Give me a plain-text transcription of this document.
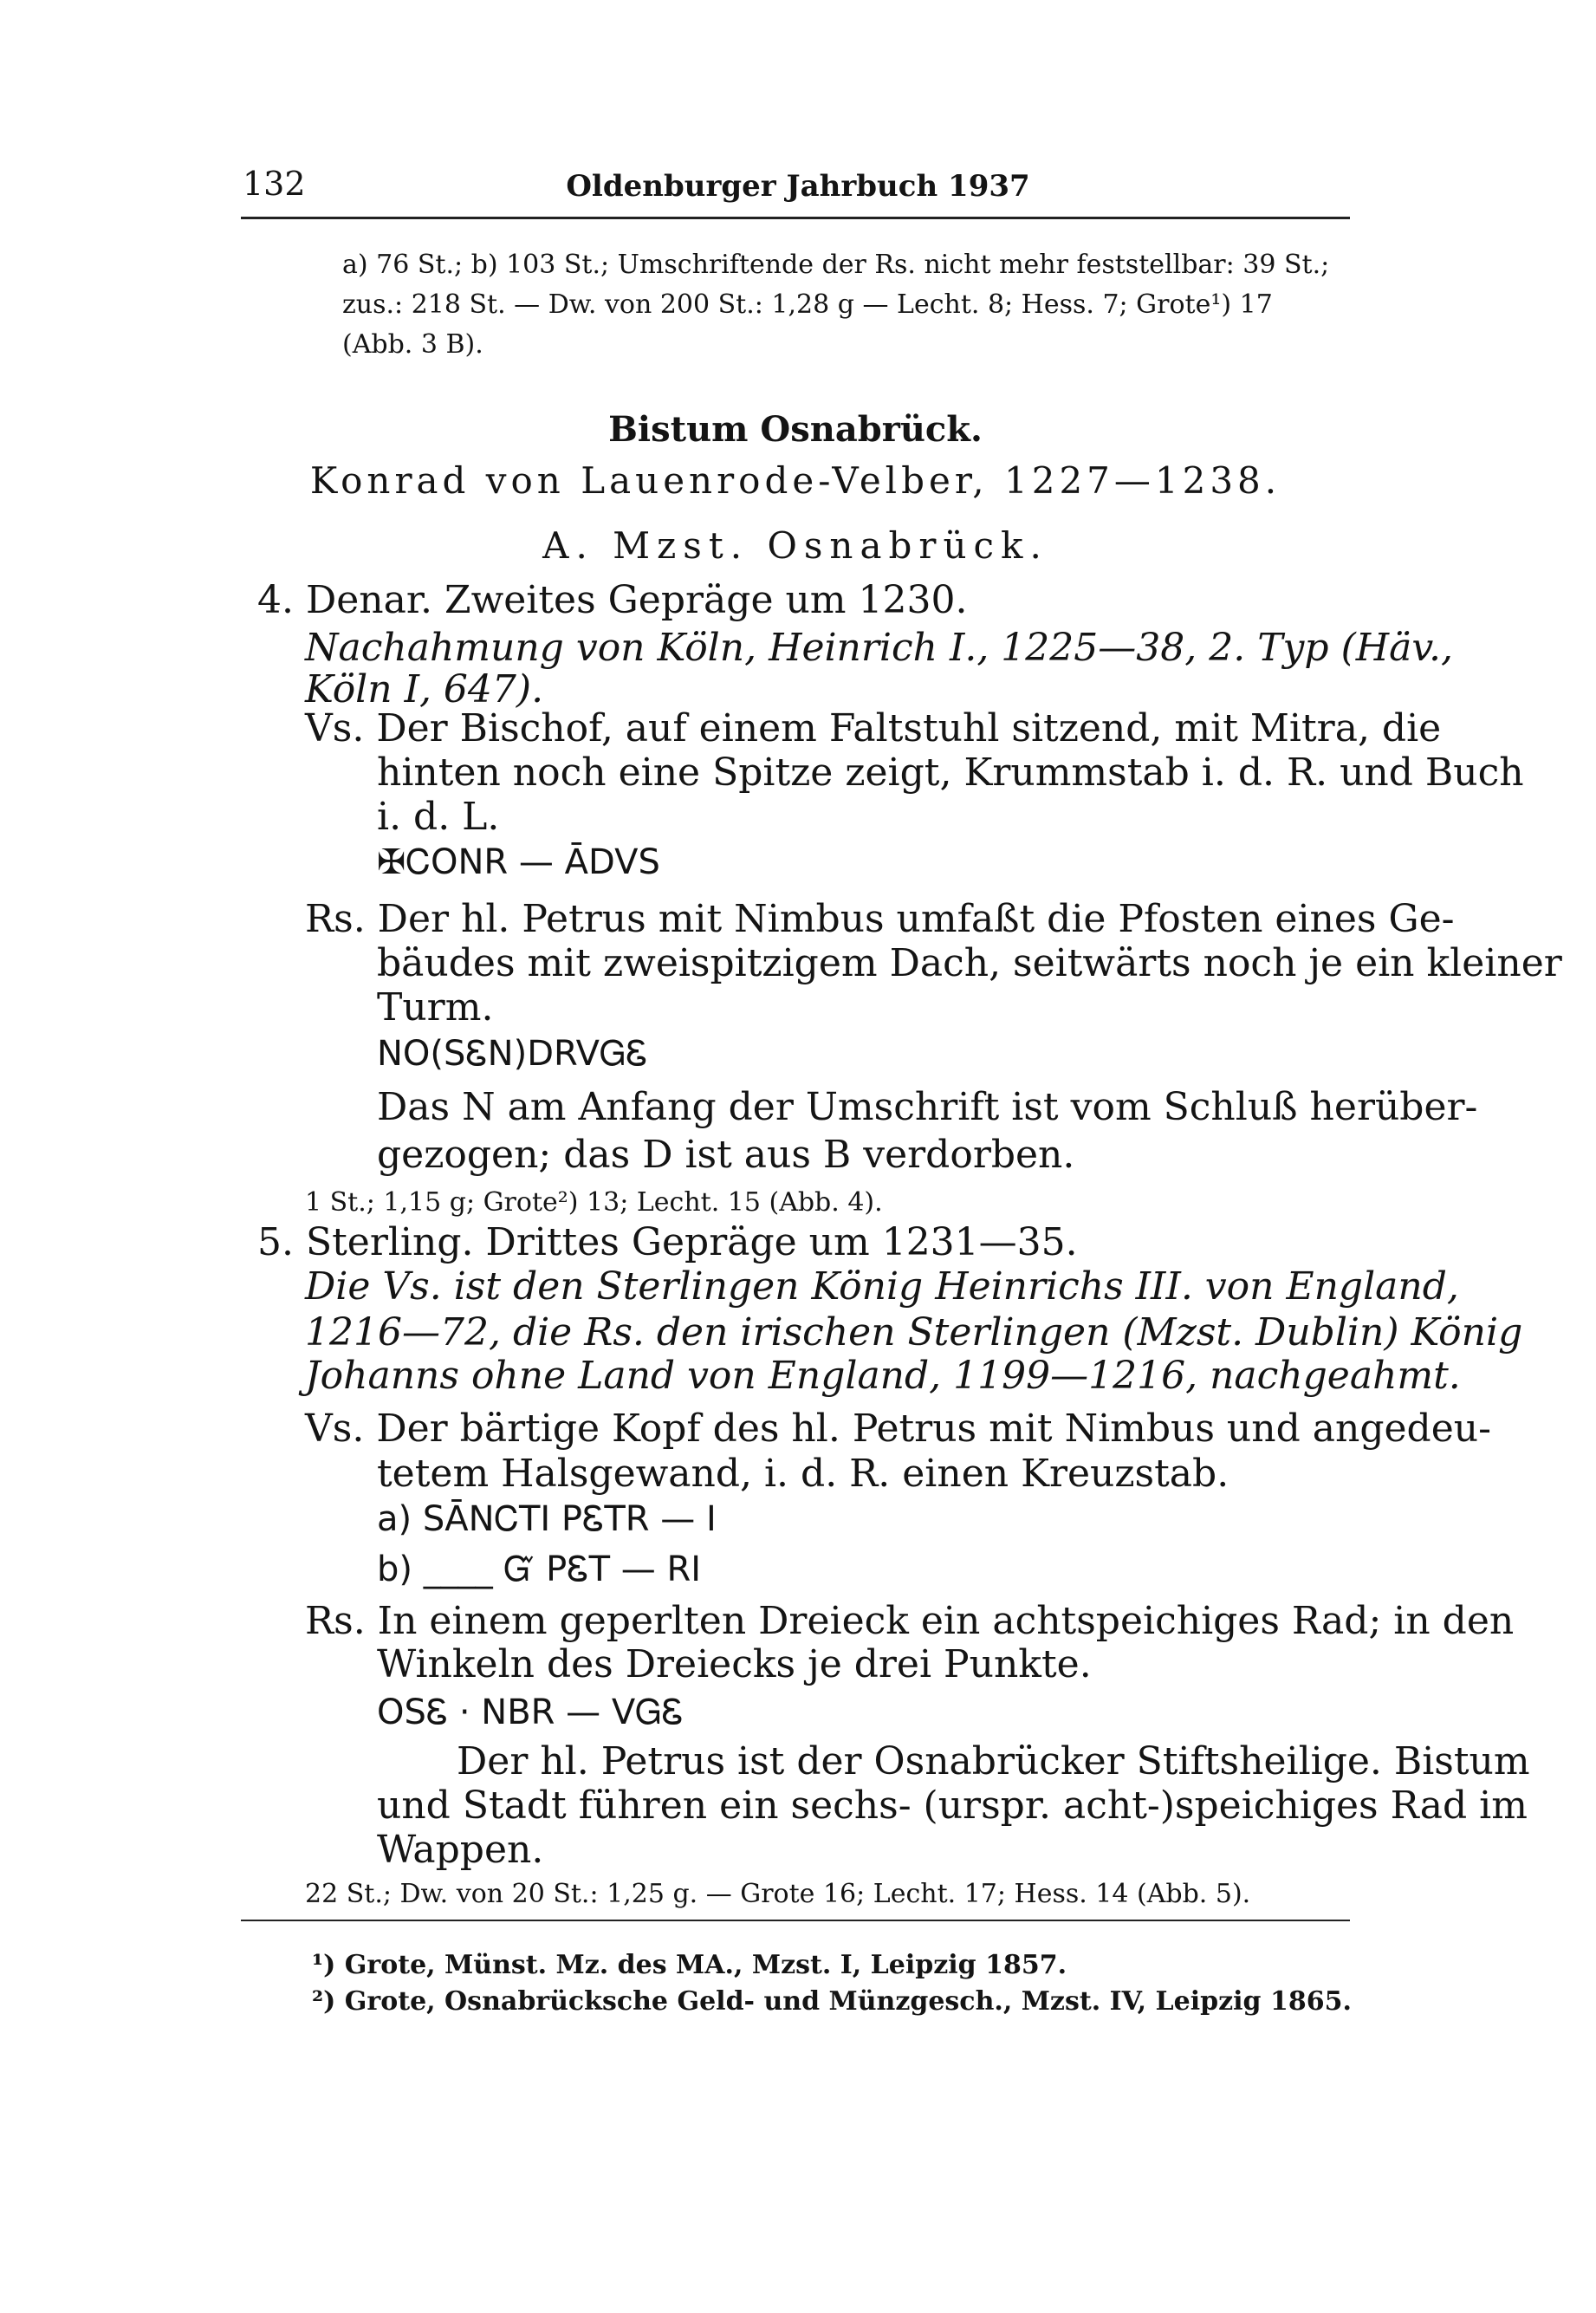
132	Oldenburger Jahrbuch 1937
a) 76 St.; b) 103 St.; Umschriftende der Rs. nicht mehr feststellbar: 39 St.;
zus.: 218 St. — Dw. von 200 St.: 1,28 g — Lecht. 8; Hess. 7; Grote¹) 17
(Abb. 3 B).
Bistum Osnabrück.
Konrad von Lauenrode-Velber, 1227—1238.
A. Mzst. Osnabrück.
4. Denar. Zweites Gepräge um 1230.
Nachahmung von Köln, Heinrich I., 1225—38, 2. Typ (Häv.,
Köln I, 647).
Vs. Der Bischof, auf einem Faltstuhl sitzend, mit Mitra, die
hinten noch eine Spitze zeigt, Krummstab i. d. R. und Buch
i. d. L.
✠ᏟONR — ĀDVS
Rs. Der hl. Petrus mit Nimbus umfaßt die Pfosten eines Ge-
bäudes mit zweispitzigem Dach, seitwärts noch je ein kleiner
Turm.
NO(SᏋN)DRVᏀᏋ
Das N am Anfang der Umschrift ist vom Schluß herüber-
gezogen; das D ist aus B verdorben.
1 St.; 1,15 g; Grote²) 13; Lecht. 15 (Abb. 4).
5. Sterling. Drittes Gepräge um 1231—35.
Die Vs. ist den Sterlingen König Heinrichs III. von England,
1216—72, die Rs. den irischen Sterlingen (Mzst. Dublin) König
Johanns ohne Land von England, 1199—1216, nachgeahmt.
Vs. Der bärtige Kopf des hl. Petrus mit Nimbus und angedeu-
tetem Halsgewand, i. d. R. einen Kreuzstab.
a) SĀNᏟTI PᏋTR — I
b) ____ Ᏻ PᏋT — RI
Rs. In einem geperlten Dreieck ein achtspeichiges Rad; in den
Winkeln des Dreiecks je drei Punkte.
OSᏋ · NBR — VᏀᏋ
Der hl. Petrus ist der Osnabrücker Stiftsheilige. Bistum
und Stadt führen ein sechs- (urspr. acht-)speichiges Rad im
Wappen.
22 St.; Dw. von 20 St.: 1,25 g. — Grote 16; Lecht. 17; Hess. 14 (Abb. 5).
¹) Grote, Münst. Mz. des MA., Mzst. I, Leipzig 1857.
²) Grote, Osnabrücksche Geld- und Münzgesch., Mzst. IV, Leipzig 1865.
